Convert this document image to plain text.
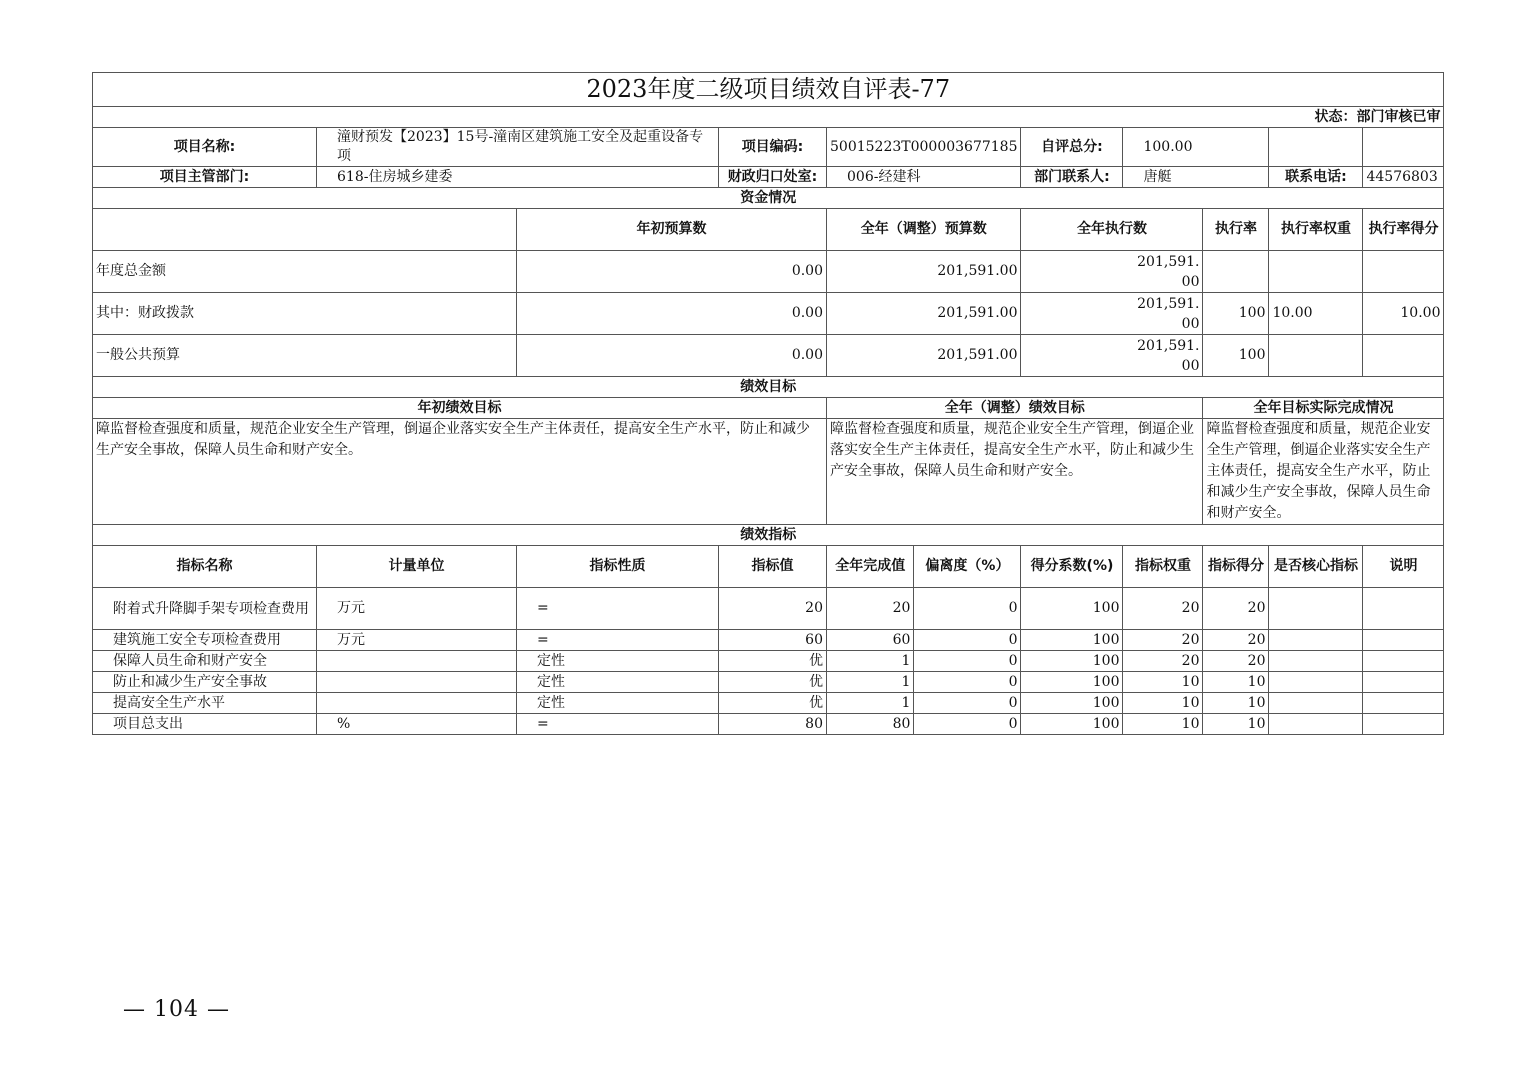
2023年度二级项目绩效自评表-77										
状态：部门审核已审										
项目名称:	潼财预发【2023】15号-潼南区建筑施工安全及起重设备专项		项目编码:	50015223T000003677185		自评总分:	100.00			
项目主管部门:	618-住房城乡建委		财政归口处室:	006-经建科		部门联系人:	唐艇		联系电话:	44576803
资金情况										
		年初预算数		全年（调整）预算数		全年执行数		执行率	执行率权重	执行率得分
年度总金额		0.00		201,591.00		201,591.
00				

其中：财政拨款		0.00		201,591.00		201,591.
00		100	10.00	10.00
一般公共预算		0.00		201,591.00		201,591.
00		100		
绩效目标										
年初绩效目标				全年（调整）绩效目标				全年目标实际完成情况		
障监督检查强度和质量，规范企业安全生产管理，倒逼企业落实安全生产主体责任，提高安全生产水平，防止和减少生产安全事故，保障人员生命和财产安全。				障监督检查强度和质量，规范企业安全生产管理，倒逼企业落实安全生产主体责任，提高安全生产水平，防止和减少生产安全事故，保障人员生命和财产安全。				障监督检查强度和质量，规范企业安全生产管理，倒逼企业落实安全生产主体责任，提高安全生产水平，防止和减少生产安全事故，保障人员生命和财产安全。		
绩效指标										
指标名称	计量单位	指标性质	指标值	全年完成值	偏离度（%）	得分系数(%)	指标权重	指标得分	是否核心指标	说明
附着式升降脚手架专项检查费用	万元	=	20	20	0	100	20	20		
建筑施工安全专项检查费用	万元	=	60	60	0	100	20	20		
保障人员生命和财产安全		定性	优	1	0	100	20	20		
防止和减少生产安全事故		定性	优	1	0	100	10	10		
提高安全生产水平		定性	优	1	0	100	10	10		
项目总支出	%	=	80	80	0	100	10	10		
— 104 —
